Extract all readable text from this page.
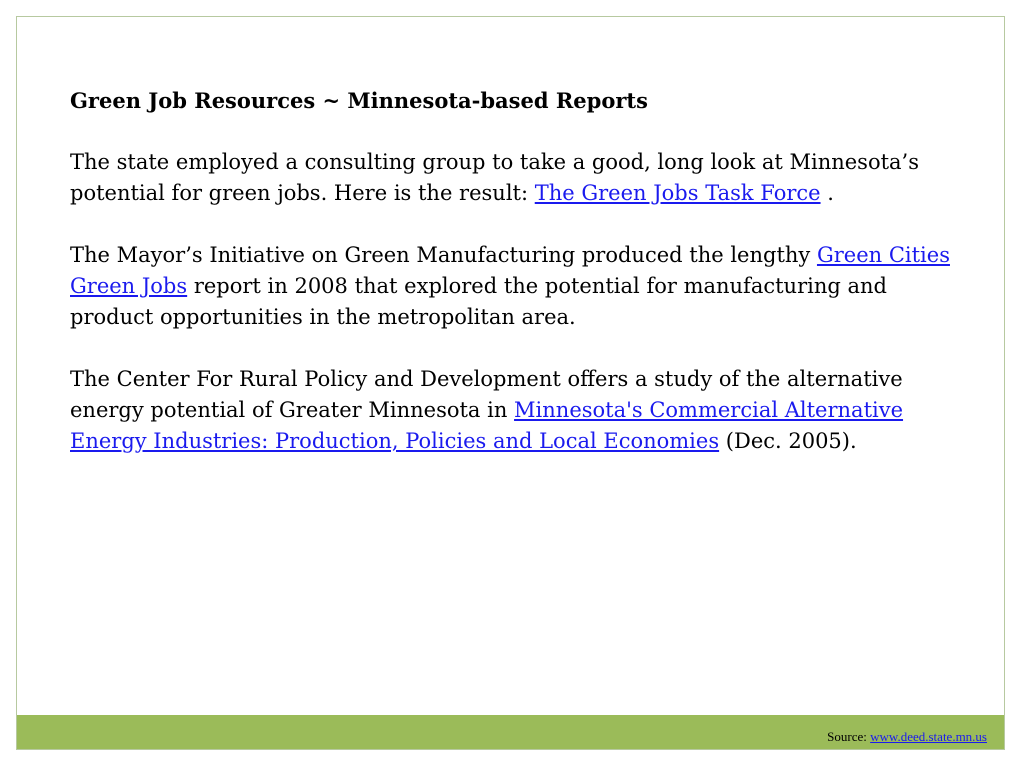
Green Job Resources ~ Minnesota-based Reports

The state employed a consulting group to take a good, long look at Minnesota’s potential for green jobs. Here is the result: The Green Jobs Task Force .

The Mayor’s Initiative on Green Manufacturing produced the lengthy Green Cities Green Jobs report in 2008 that explored the potential for manufacturing and product opportunities in the metropolitan area.

The Center For Rural Policy and Development offers a study of the alternative energy potential of Greater Minnesota in Minnesota's Commercial Alternative Energy Industries: Production, Policies and Local Economies (Dec. 2005).

Source: www.deed.state.mn.us
